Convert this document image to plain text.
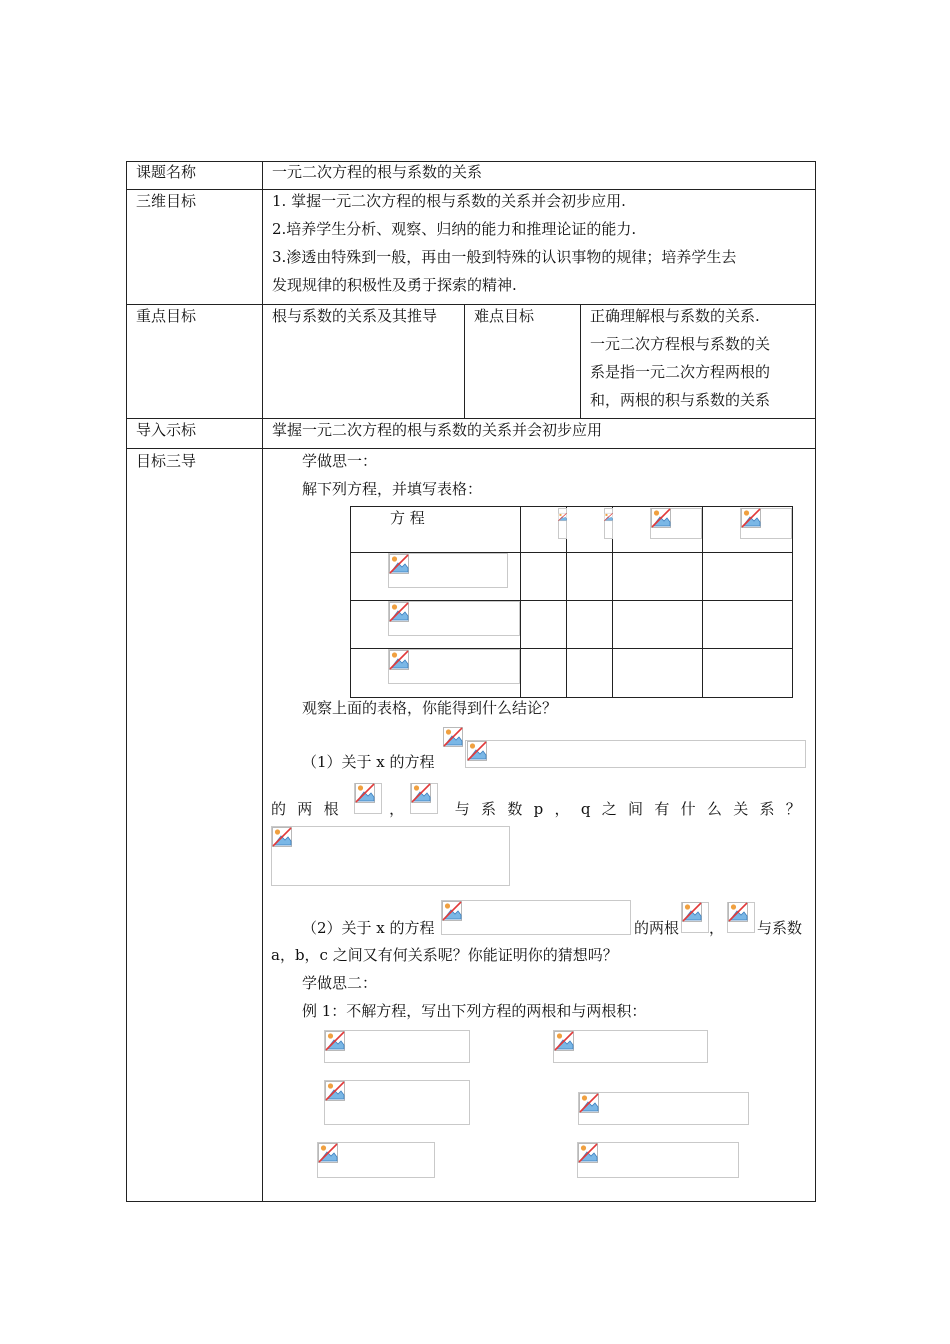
课题名称	一元二次方程的根与系数的关系
三维目标	1. 掌握一元二次方程的根与系数的关系并会初步应用.
2.培养学生分析、观察、归纳的能力和推理论证的能力.
3.渗透由特殊到一般，再由一般到特殊的认识事物的规律；培养学生去
发现规律的积极性及勇于探索的精神.
重点目标	根与系数的关系及其推导 难点目标	正确理解根与系数的关系.
一元二次方程根与系数的关
系是指一元二次方程两根的
和，两根的积与系数的关系
导入示标	掌握一元二次方程的根与系数的关系并会初步应用
目标三导	学做思一：
解下列方程，并填写表格：
方 程
观察上面的表格，你能得到什么结论？
（1）关于 x 的方程
的 两 根	，	与 系 数 p ， q 之 间 有 什 么 关 系 ？
（2）关于 x 的方程	的两根 ， 与系数
a，b，c 之间又有何关系呢？你能证明你的猜想吗？
学做思二：
例 1：不解方程，写出下列方程的两根和与两根积：
